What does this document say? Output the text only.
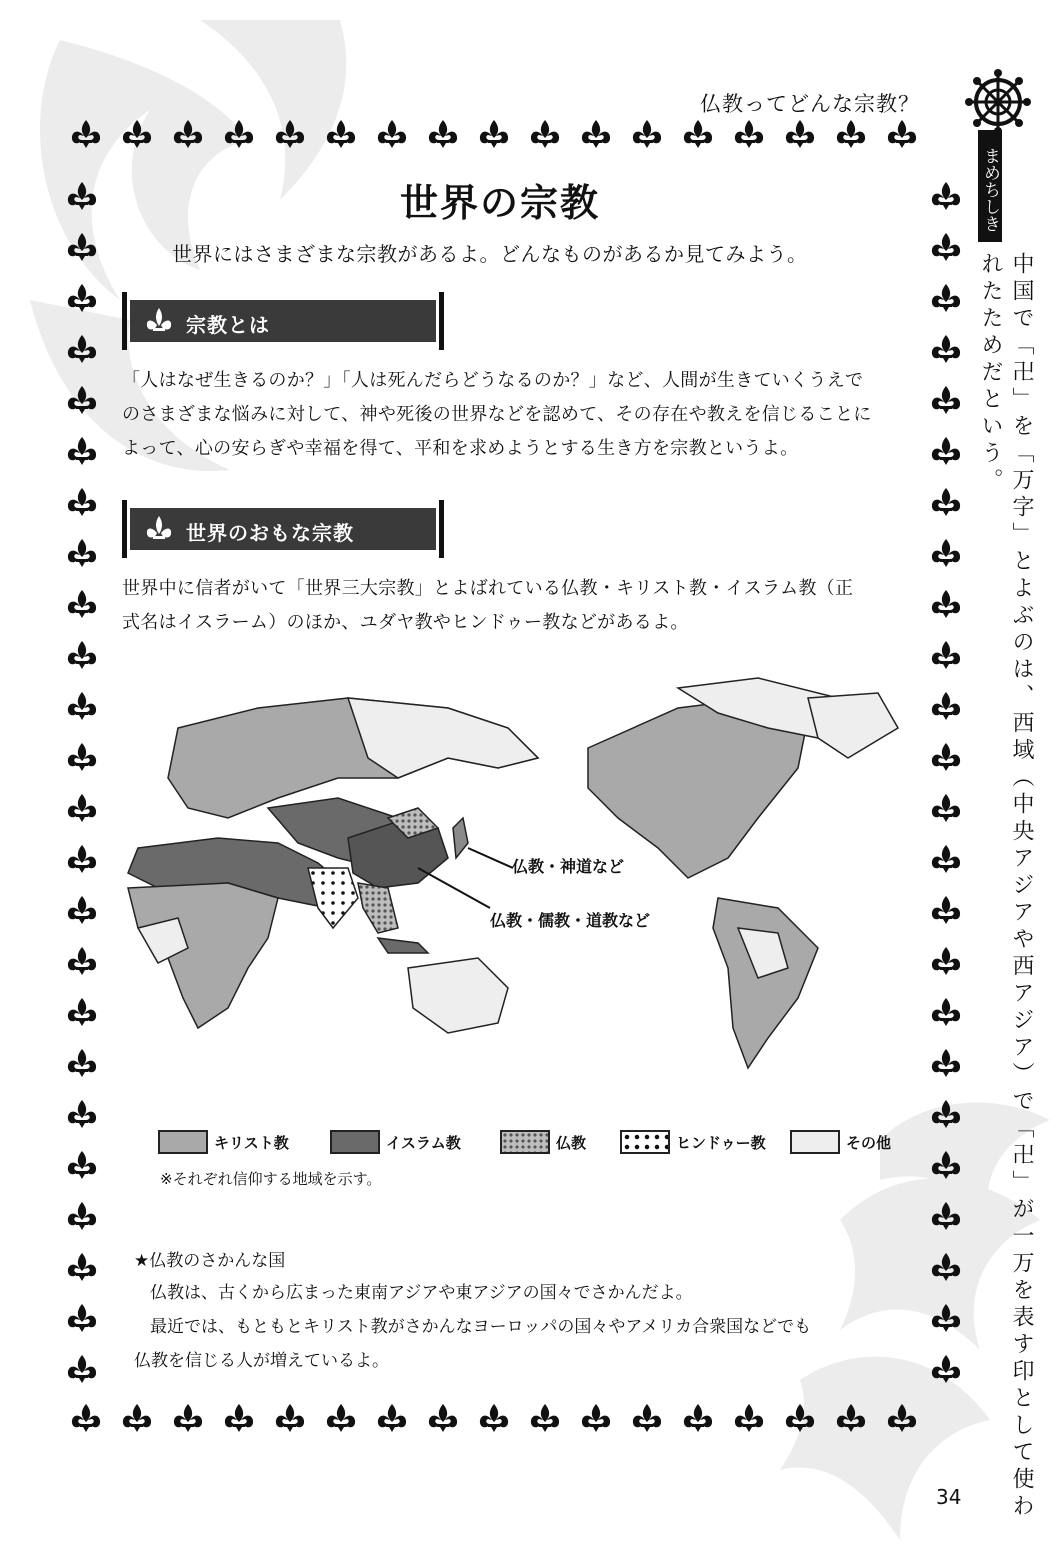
仏教ってどんな宗教？
世界の宗教
世界にはさまざまな宗教があるよ。どんなものがあるか見てみよう。
宗教とは
「人はなぜ生きるのか？」「人は死んだらどうなるのか？」など、人間が生きていくうえで
のさまざまな悩みに対して、神や死後の世界などを認めて、その存在や教えを信じることに
よって、心の安らぎや幸福を得て、平和を求めようとする生き方を宗教というよ。
世界のおもな宗教
世界中に信者がいて「世界三大宗教」とよばれている仏教・キリスト教・イスラム教（正
式名はイスラーム）のほか、ユダヤ教やヒンドゥー教などがあるよ。
仏教・神道など
仏教・儒教・道教など
キリスト教	イスラム教	仏教	ヒンドゥー教	その他
※それぞれ信仰する地域を示す。
★仏教のさかんな国
仏教は、古くから広まった東南アジアや東アジアの国々でさかんだよ。
最近では、もともとキリスト教がさかんなヨーロッパの国々やアメリカ合衆国などでも
仏教を信じる人が増えているよ。
まめちしき
中国で「卍」を「万字」とよぶのは、西域（中央アジアや西アジア）で「卍」が一万を表す印として使われたためだという。
34
